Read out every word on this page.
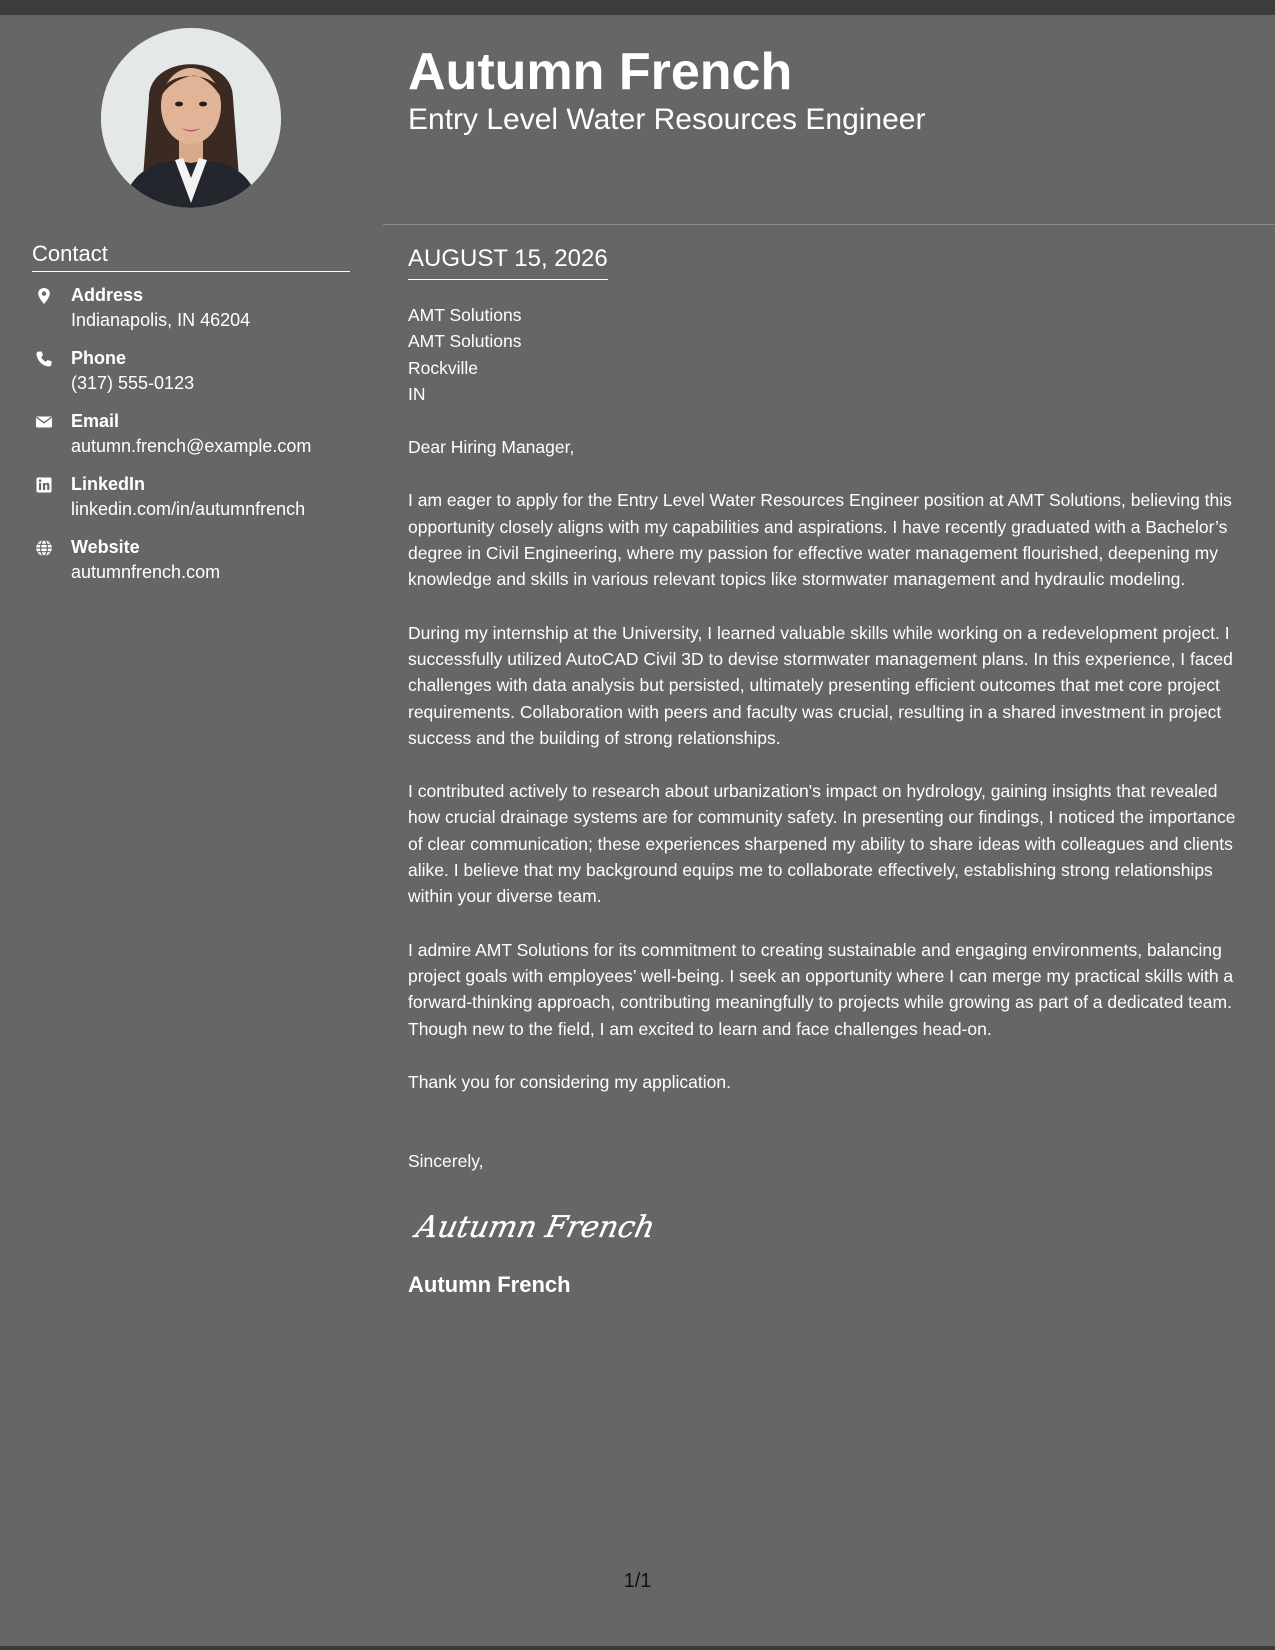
Contact
Address
Indianapolis, IN 46204
Phone
(317) 555-0123
Email
autumn.french@example.com
LinkedIn
linkedin.com/in/autumnfrench
Website
autumnfrench.com
Autumn French
Entry Level Water Resources Engineer
AUGUST 15, 2026

AMT Solutions

AMT Solutions

Rockville

IN

Dear Hiring Manager,

I am eager to apply for the Entry Level Water Resources Engineer position at AMT Solutions, believing this opportunity closely aligns with my capabilities and aspirations. I have recently graduated with a Bachelor’s degree in Civil Engineering, where my passion for effective water management flourished, deepening my knowledge and skills in various relevant topics like stormwater management and hydraulic modeling.

During my internship at the University, I learned valuable skills while working on a redevelopment project. I successfully utilized AutoCAD Civil 3D to devise stormwater management plans. In this experience, I faced challenges with data analysis but persisted, ultimately presenting efficient outcomes that met core project requirements. Collaboration with peers and faculty was crucial, resulting in a shared investment in project success and the building of strong relationships.

I contributed actively to research about urbanization's impact on hydrology, gaining insights that revealed how crucial drainage systems are for community safety. In presenting our findings, I noticed the importance of clear communication; these experiences sharpened my ability to share ideas with colleagues and clients alike. I believe that my background equips me to collaborate effectively, establishing strong relationships within your diverse team.

I admire AMT Solutions for its commitment to creating sustainable and engaging environments, balancing project goals with employees’ well-being. I seek an opportunity where I can merge my practical skills with a forward-thinking approach, contributing meaningfully to projects while growing as part of a dedicated team. Though new to the field, I am excited to learn and face challenges head-on.

Thank you for considering my application.

Sincerely,
Autumn French
Autumn French
1/1
